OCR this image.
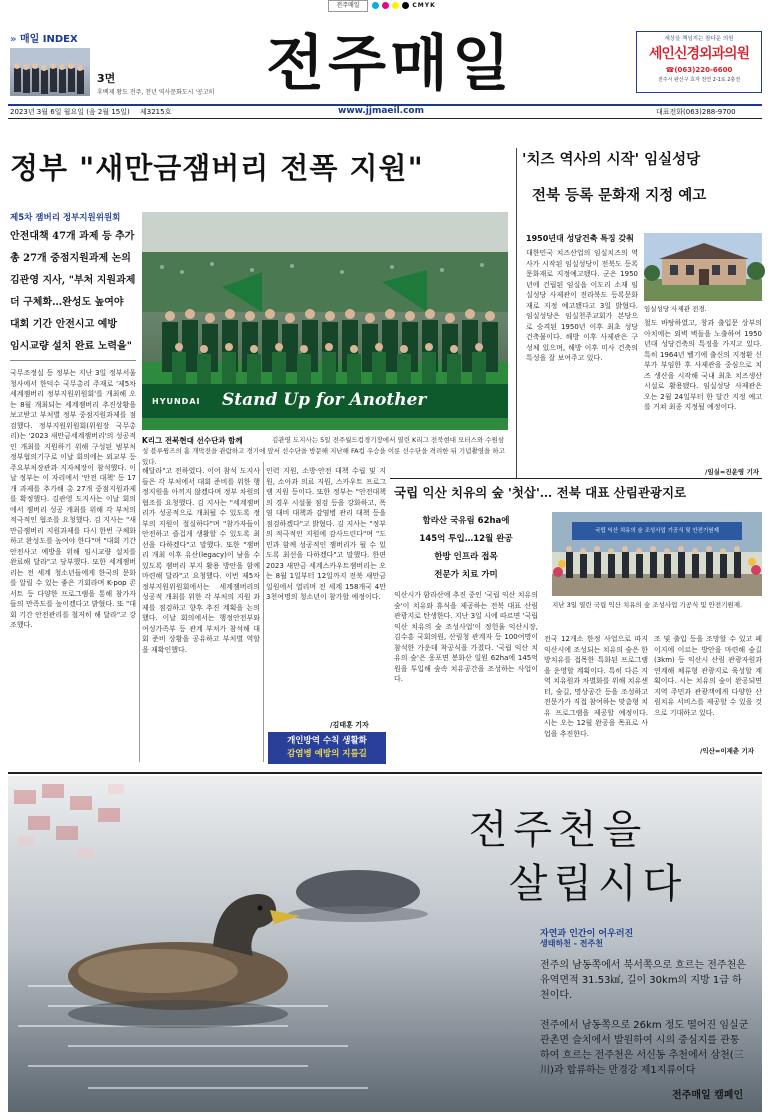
전주매일	CMYK
» 매일 INDEX
3면
후백제 왕도 전주, 천년 역사문화도시 '공고히 전주매일	세상을 책임지는 참다운 의원
세인신경외과의원
☎(063)220-6600
전주시 완산구 효자 전연 2-1로 2충전
2023년 3월 6일 월요일 (음 2월 15일) 제3215호	www.jjmaeil.com	대표전화(063)288-9700
정부 "새만금잼버리 전폭 지원"
제5차 잼버리 정부지원위원회
안전대책 47개 과제 등 추가
총 27개 중점지원과제 논의
김관영 지사, "부처 지원과제
더 구체화…완성도 높여야
대회 기간 안전시고 예방
임시교량 설치 완료 노력을"
HYUNDAI Stand Up for Another
K리그 전북현대 선수단과 함께	김관영 도지사는 5일 전주월드컵경기장에서 열린 K리그 전북현대 모터스와 수원삼성 블루윙즈의 홈 개막전을 관람하고 경기에 앞서 선수단을 방문해 지난해 FA컵 우승을 이룬 선수단을 격려한 뒤 기념촬영을 하고 있다.
국무조정실 등 정부는 지난 3일 정부서울청사에서 한덕수 국무총리 주재로 '제5차 세계잼버리 정부지원위원회'를 개최해 오는 8월 개최되는 세계잼버리 추진상황을 보고받고 부처별 정부 중점지원과제를 점검했다. 정부지원위원회(위원장 국무총리)는 '2023 새만금세계잼버리'의 성공적인 개최를 지원하기 위해 구성된 범부처 정부협의기구로 이날 회의에는 외교부 등 주요부처장관과 지자체장이 참석했다. 이날 정부는 이 자리에서 '안전 대책' 등 17개 과제를 추가해 총 27개 중점지원과제를 확정했다. 김관영 도지사는 이날 회의에서 잼버리 성공 개최를 위해 각 부처의 적극적인 협조를 요청했다. 김 지사는 "새만금잼버리 지원과제를 다시 한번 구체화하고 완성도를 높여야 한다"며 "대회 기간 안전사고 예방을 위해 임시교량 설치를 완료해 달라"고 당부했다. 또한 세계잼버리는 전 세계 청소년들에게 한국의 문화를 알릴 수 있는 좋은 기회라며 K-pop 콘서트 등 다양한 프로그램을 통해 참가자들의 만족도를 높이겠다고 밝혔다. 또 "대회 기간 안전관리를 철저히 해 달라"고 강조했다.
해달라"고 전하였다. 이어 참석 도지사들은 각 부처에서 대회 준비를 위한 행정지원을 아끼지 않겠다며 정부 차원의 협조를 요청했다. 김 지사는 "세계잼버리가 성공적으로 개최될 수 있도록 정부의 지원이 절실하다"며 "참가자들이 안전하고 즐겁게 생활할 수 있도록 최선을 다하겠다"고 말했다. 또한 "잼버리 개최 이후 유산(legacy)이 남을 수 있도록 잼버리 부지 활용 방안을 함께 마련해 달라"고 요청했다. 이번 제5차 정부지원위원회에서는 세계잼버리의 성공적 개최를 위한 각 부처의 지원 과제를 점검하고 향후 추진 계획을 논의했다. 이날 회의에서는 행정안전부와 여성가족부 등 관계 부처가 참석해 대회 준비 상황을 공유하고 부처별 역할을 재확인했다.
인력 지원, 소방·안전 대책 수립 및 지원, 소아과 의료 지원, 스카우트 프로그램 지원 등이다. 또한 정부는 "안전대책의 경우 시설물 점검 등을 강화하고, 폭염 대비 대책과 감염병 관리 대책 등을 점검하겠다"고 밝혔다. 김 지사는 "정부의 적극적인 지원에 감사드린다"며 "도민과 함께 성공적인 잼버리가 될 수 있도록 최선을 다하겠다"고 말했다. 한편 2023 새만금 세계스카우트잼버리는 오는 8월 1일부터 12일까지 전북 새만금 일원에서 열리며 전 세계 158개국 4만3천여명의 청소년이 참가할 예정이다.
/김태훈 기자
개인방역 수칙 생활화
감염병 예방의 지름길
'치즈 역사의 시작' 임실성당
전북 등록 문화재 지정 예고
1950년대 성당건축 특징 갖춰
대한민국 치즈산업의 임실치즈의 역사가 시작된 임실성당이 전북도 등록문화재로 지정예고됐다. 군은 1950년에 건립된 임실읍 이도리 소재 임실성당 사제관이 전라북도 등록문화재로 지정 예고됐다고 3일 밝혔다. 임실성당은 임실천주교회가 본당으로 승격된 1950년 이후 최초 성당 건축물이다. 해방 이후 사제관은 구성체 있으며, 해방 이후 미사 건축의 특성을 잘 보여주고 있다.
임실성당 사제관 전경.
철도 바탕하였고, 창과 출입문 상부의 아치에는 외벽 벽돌을 노출하여 1950년대 성당건축의 특징을 가지고 있다. 특히 1964년 벨기에 출신의 지정환 신부가 부임한 후 사제관을 중심으로 치즈 생산을 시작해 국내 최초 치즈생산 시설로 활용됐다. 임실성당 사제관은 오는 2월 24일부터 한 달간 지정 예고를 거쳐 최종 지정될 예정이다.
/임실=진운영 기자
국립 익산 치유의 숲 '첫삽'… 전북 대표 산림관광지로
함라산 국유림 62ha에
145억 투입…12월 완공
한방 인프라 접목
전문가 치료 가미
익산시가 함라산에 추진 중인 '국립 익산 치유의 숲'이 치유와 휴식을 제공하는 전북 대표 산림 관광지로 탄생한다. 지난 3일 시에 따르면 '국립 익산 치유의 숲 조성사업'이 정헌율 익산시장, 김수흥 국회의원, 산림청 관계자 등 100여명이 참석한 가운데 착공식을 가졌다. '국립 익산 치유의 숲'은 웅포면 봉화산 일원 62ha에 145억원을 투입해 숲속 치유공간을 조성하는 사업이다.
국립 익산 치유의 숲 조성사업 기공식 및 안전기원제
지난 3일 열린 국립 익산 치유의 숲 조성사업 기공식 및 안전기원제.
전국 12개소 한정 사업으로 따지 익산시에 조성되는 치유의 숲은 한방치유를 접목한 특화된 프로그램을 운영할 계획이다. 특히 다른 지역 치유원과 차별화를 위해 치유센터, 숲길, 명상공간 등을 조성하고 전문가가 직접 참여하는 맞춤형 치유 프로그램을 제공할 예정이다. 시는 오는 12월 완공을 목표로 사업을 추진한다.
조 및 출입 등을 조망할 수 있고 페이지에 이르는 방안을 마련해 숲길(3km) 등 익산시 산림 관광자원과 연계해 체류형 관광지로 육성할 계획이다. 시는 치유의 숲이 완공되면 지역 주민과 관광객에게 다양한 산림치유 서비스를 제공할 수 있을 것으로 기대하고 있다.
/익산=이재춘 기자
전주천을
살립시다
자연과 인간이 어우러진
생태하천 - 전주천
전주의 남동쪽에서 북서쪽으로 흐르는 전주천은 유역면적 31.53㎢, 길이 30km의 지방 1급 하천이다.
전주에서 남동쪽으로 26km 정도 떨어진 임실군 관촌면 슬치에서 발원하여 시의 중심지를 관통 하여 흐르는 전주천은 서신동 추천에서 삼천(三川)과 합류하는 만경강 제1지류이다
전주매일 캠페인
